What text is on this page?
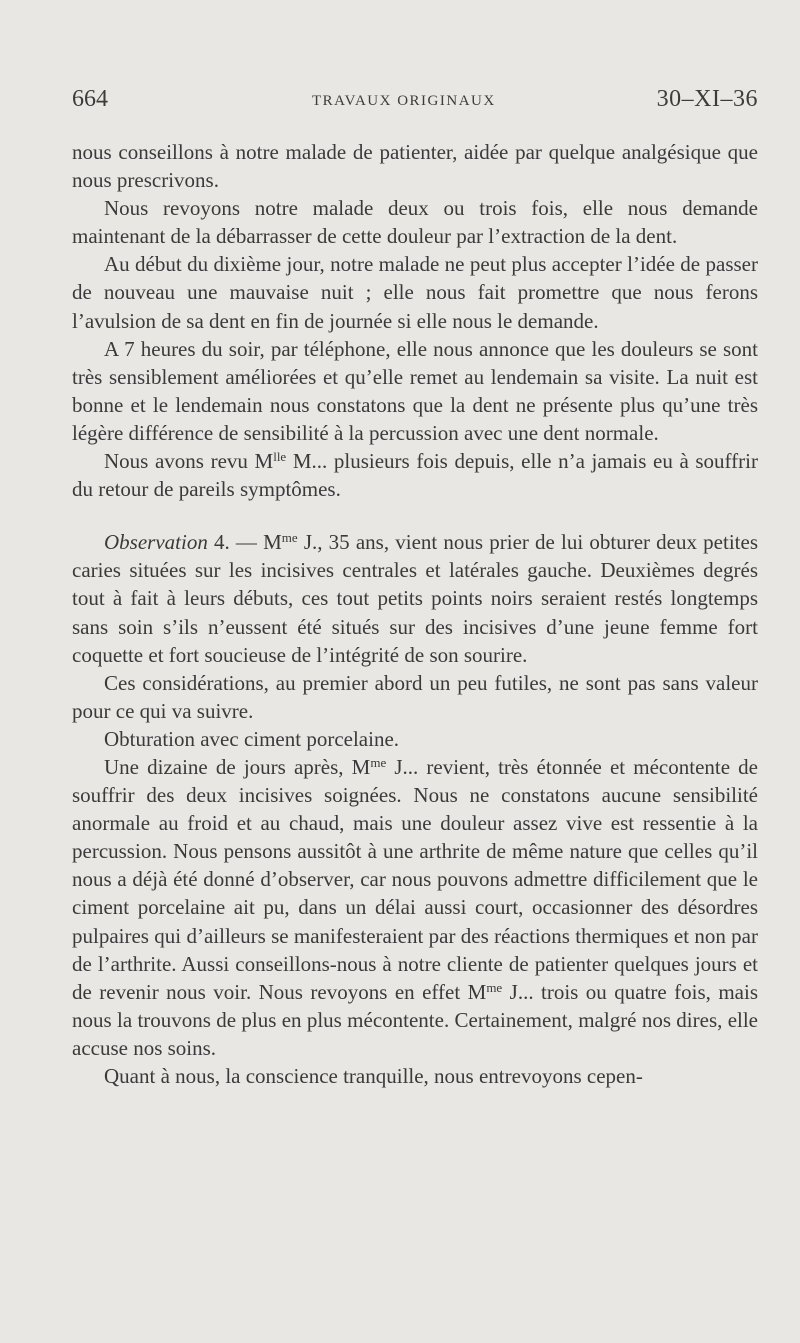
664	TRAVAUX ORIGINAUX	30–XI–36

nous conseillons à notre malade de patienter, aidée par quelque analgésique que nous prescrivons.

Nous revoyons notre malade deux ou trois fois, elle nous demande maintenant de la débarrasser de cette douleur par l’extraction de la dent.

Au début du dixième jour, notre malade ne peut plus accepter l’idée de passer de nouveau une mauvaise nuit ; elle nous fait promettre que nous ferons l’avulsion de sa dent en fin de journée si elle nous le demande.

A 7 heures du soir, par téléphone, elle nous annonce que les douleurs se sont très sensiblement améliorées et qu’elle remet au lendemain sa visite. La nuit est bonne et le lendemain nous constatons que la dent ne présente plus qu’une très légère différence de sensibilité à la percussion avec une dent normale.

Nous avons revu $M^{lle}$ M... plusieurs fois depuis, elle n’a jamais eu à souffrir du retour de pareils symptômes.

Observation 4. — $M^{me}$ J., 35 ans, vient nous prier de lui obturer deux petites caries situées sur les incisives centrales et latérales gauche. Deuxièmes degrés tout à fait à leurs débuts, ces tout petits points noirs seraient restés longtemps sans soin s’ils n’eussent été situés sur des incisives d’une jeune femme fort coquette et fort soucieuse de l’intégrité de son sourire.

Ces considérations, au premier abord un peu futiles, ne sont pas sans valeur pour ce qui va suivre.

Obturation avec ciment porcelaine.

Une dizaine de jours après, $M^{me}$ J... revient, très étonnée et mécontente de souffrir des deux incisives soignées. Nous ne constatons aucune sensibilité anormale au froid et au chaud, mais une douleur assez vive est ressentie à la percussion. Nous pensons aussitôt à une arthrite de même nature que celles qu’il nous a déjà été donné d’observer, car nous pouvons admettre difficilement que le ciment porcelaine ait pu, dans un délai aussi court, occasionner des désordres pulpaires qui d’ailleurs se manifesteraient par des réactions thermiques et non par de l’arthrite. Aussi conseillons-nous à notre cliente de patienter quelques jours et de revenir nous voir. Nous revoyons en effet $M^{me}$ J... trois ou quatre fois, mais nous la trouvons de plus en plus mécontente. Certainement, malgré nos dires, elle accuse nos soins.

Quant à nous, la conscience tranquille, nous entrevoyons cepen-
